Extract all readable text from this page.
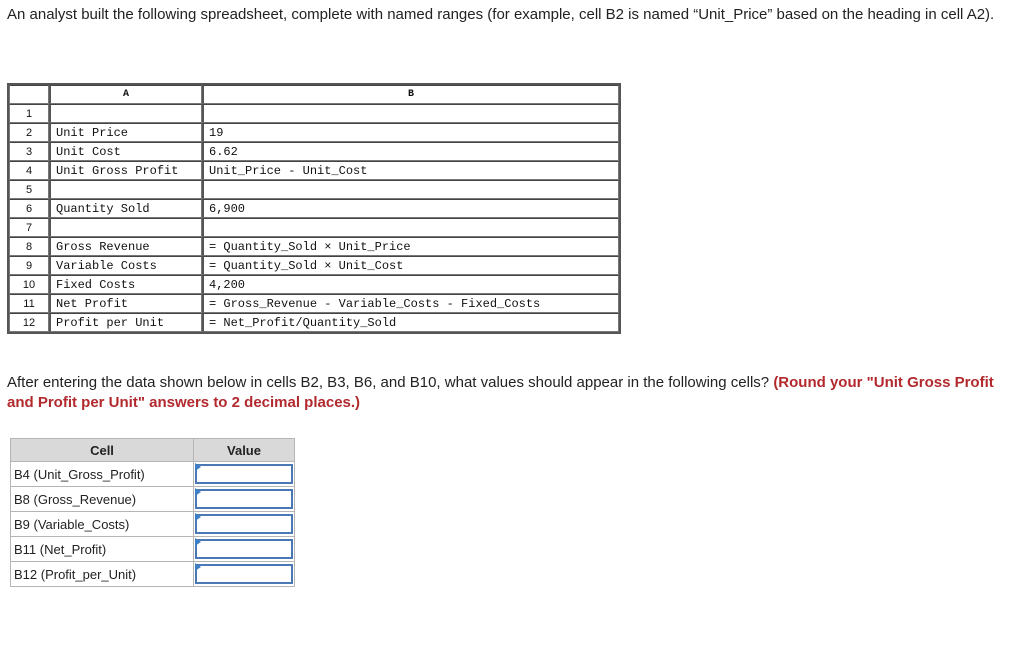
An analyst built the following spreadsheet, complete with named ranges (for example, cell B2 is named “Unit_Price” based on the heading in cell A2).

	A	B
1		
2	Unit Price	19
3	Unit Cost	6.62
4	Unit Gross Profit	Unit_Price - Unit_Cost
5		
6	Quantity Sold	6,900
7		
8	Gross Revenue	= Quantity_Sold × Unit_Price
9	Variable Costs	= Quantity_Sold × Unit_Cost
10	Fixed Costs	4,200
11	Net Profit	= Gross_Revenue - Variable_Costs - Fixed_Costs
12	Profit per Unit	= Net_Profit/Quantity_Sold

After entering the data shown below in cells B2, B3, B6, and B10, what values should appear in the following cells? (Round your "Unit Gross Profit and Profit per Unit" answers to 2 decimal places.)

Cell	Value
B4 (Unit_Gross_Profit)	

B8 (Gross_Revenue)	

B9 (Variable_Costs)	

B11 (Net_Profit)	

B12 (Profit_per_Unit)	
